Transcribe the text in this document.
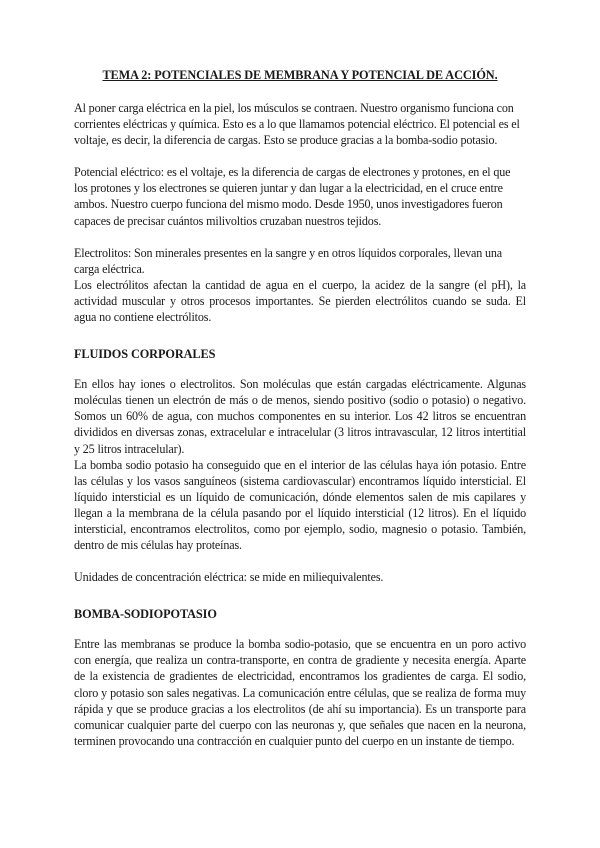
TEMA 2: POTENCIALES DE MEMBRANA Y POTENCIAL DE ACCIÓN.

Al poner carga eléctrica en la piel, los músculos se contraen. Nuestro organismo funciona con corrientes eléctricas y química. Esto es a lo que llamamos potencial eléctrico. El potencial es el voltaje, es decir, la diferencia de cargas. Esto se produce gracias a la bomba-sodio potasio.

Potencial eléctrico: es el voltaje, es la diferencia de cargas de electrones y protones, en el que los protones y los electrones se quieren juntar y dan lugar a la electricidad, en el cruce entre ambos. Nuestro cuerpo funciona del mismo modo. Desde 1950, unos investigadores fueron capaces de precisar cuántos milivoltios cruzaban nuestros tejidos.

Electrolitos: Son minerales presentes en la sangre y en otros líquidos corporales, llevan una carga eléctrica.

Los electrólitos afectan la cantidad de agua en el cuerpo, la acidez de la sangre (el pH), la actividad muscular y otros procesos importantes. Se pierden electrólitos cuando se suda. El agua no contiene electrólitos.

FLUIDOS CORPORALES

En ellos hay iones o electrolitos. Son moléculas que están cargadas eléctricamente. Algunas moléculas tienen un electrón de más o de menos, siendo positivo (sodio o potasio) o negativo. Somos un 60% de agua, con muchos componentes en su interior. Los 42 litros se encuentran divididos en diversas zonas, extracelular e intracelular (3 litros intravascular, 12 litros intertitial y 25 litros intracelular).

La bomba sodio potasio ha conseguido que en el interior de las células haya ión potasio. Entre las células y los vasos sanguíneos (sistema cardiovascular) encontramos líquido intersticial. El líquido intersticial es un líquido de comunicación, dónde elementos salen de mis capilares y llegan a la membrana de la célula pasando por el líquido intersticial (12 litros). En el líquido intersticial, encontramos electrolitos, como por ejemplo, sodio, magnesio o potasio. También, dentro de mis células hay proteínas.

Unidades de concentración eléctrica: se mide en miliequivalentes.

BOMBA-SODIOPOTASIO

Entre las membranas se produce la bomba sodio-potasio, que se encuentra en un poro activo con energía, que realiza un contra-transporte, en contra de gradiente y necesita energía. Aparte de la existencia de gradientes de electricidad, encontramos los gradientes de carga. El sodio, cloro y potasio son sales negativas. La comunicación entre células, que se realiza de forma muy rápida y que se produce gracias a los electrolitos (de ahí su importancia). Es un transporte para comunicar cualquier parte del cuerpo con las neuronas y, que señales que nacen en la neurona, terminen provocando una contracción en cualquier punto del cuerpo en un instante de tiempo.
